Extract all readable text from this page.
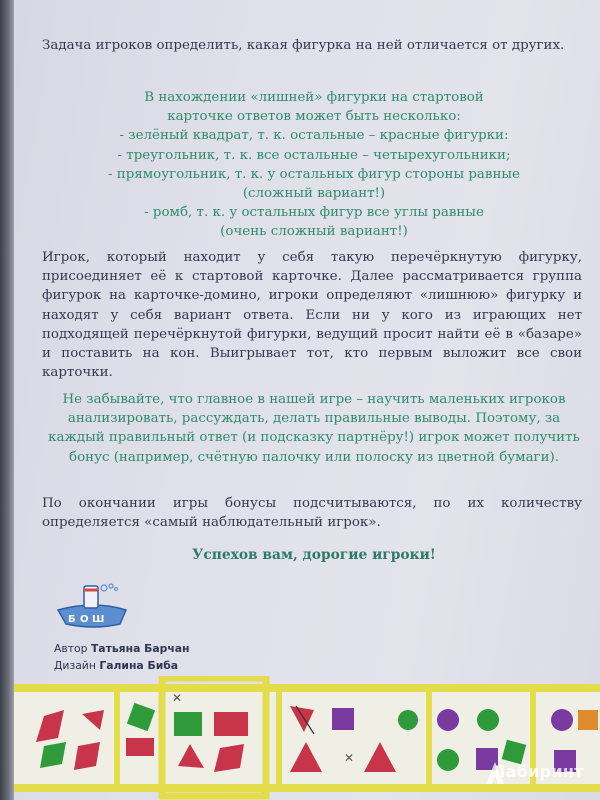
Задача игроков определить, какая фигурка на ней отличается от других.

В нахождении «лишней» фигурки на стартовой карточке ответов может быть несколько:
- зелёный квадрат, т. к. остальные – красные фигурки:
- треугольник, т. к. все остальные – четырехугольники;
- прямоугольник, т. к. у остальных фигур стороны равные
(сложный вариант!)
- ромб, т. к. у остальных фигур все углы равные
(очень сложный вариант!)

Игрок, который находит у себя такую перечёркнутую фигурку, присоединяет её к стартовой карточке. Далее рассматривается группа фигурок на карточке-домино, игроки определяют «лишнюю» фигурку и находят у себя вариант ответа. Если ни у кого из играющих нет подходящей перечёркнутой фигурки, ведущий просит найти её в «базаре» и поставить на кон. Выигрывает тот, кто первым выложит все свои карточки.

Не забывайте, что главное в нашей игре – научить маленьких игроков анализировать, рассуждать, делать правильные выводы. Поэтому, за каждый правильный ответ (и подсказку партнёру!) игрок может получить бонус (например, счётную палочку или полоску из цветной бумаги).

По окончании игры бонусы подсчитываются, по их количеству определяется «самый наблюдательный игрок».

Успехов вам, дорогие игроки!
Б О Ш
Автор Татьяна Барчан
Дизайн Галина Биба
✕
✕
Лабиринт
